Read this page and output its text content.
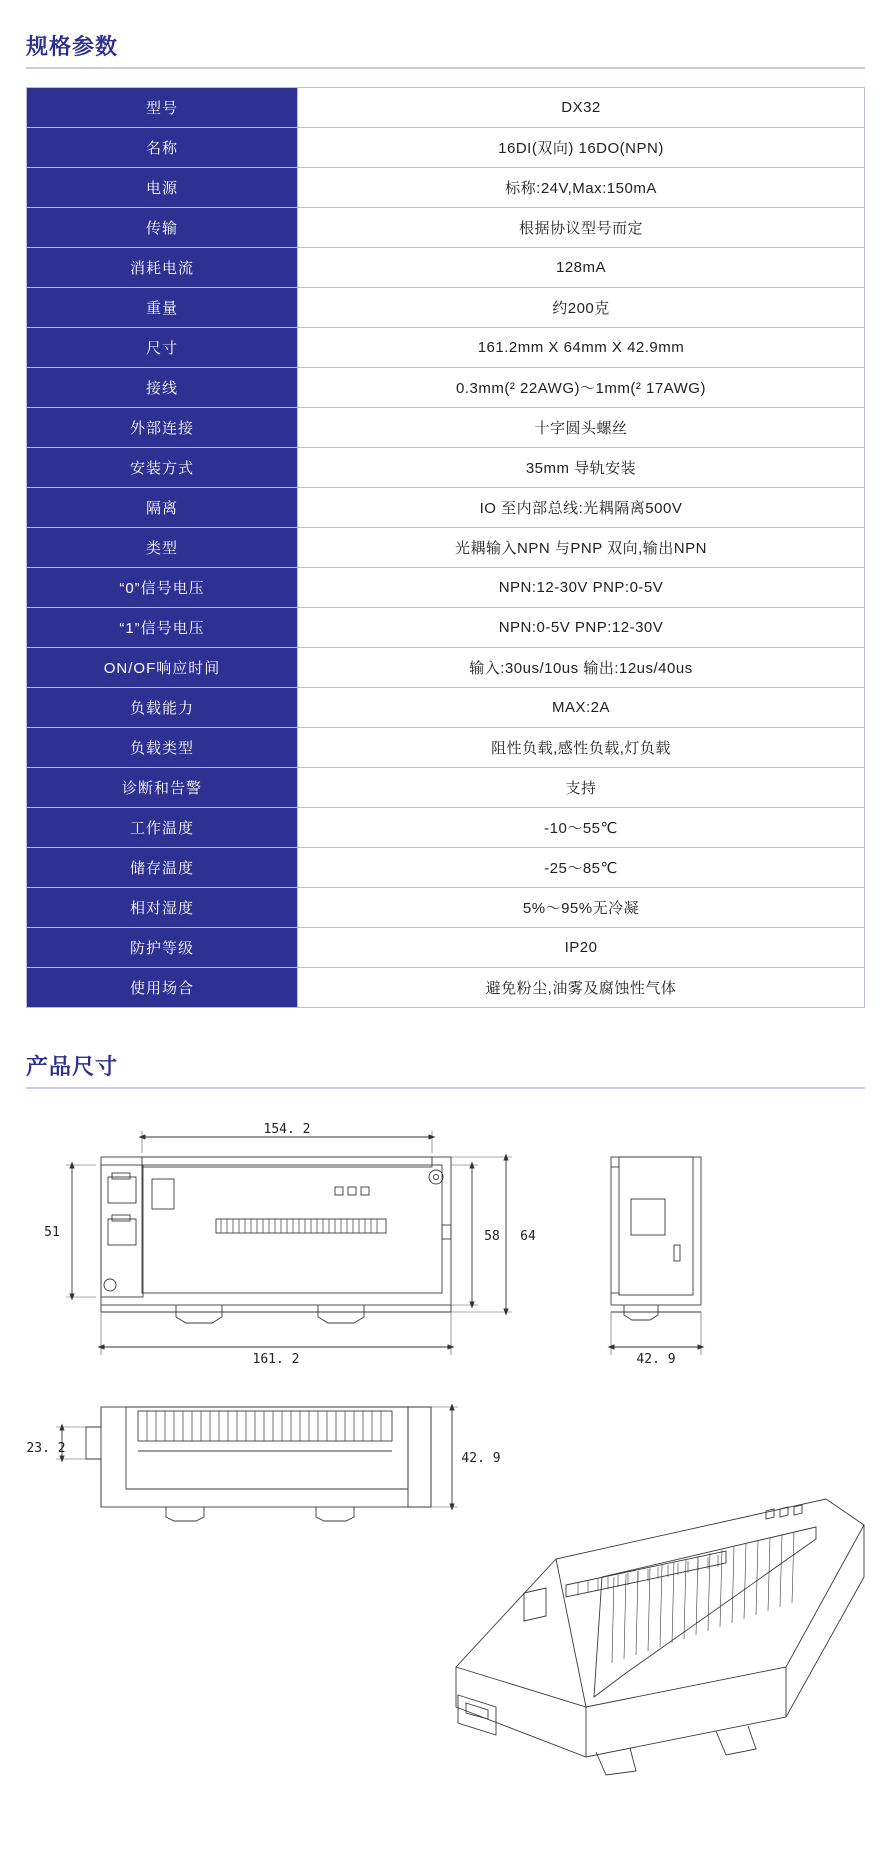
规格参数
型号	DX32
名称	16DI(双向) 16DO(NPN)
电源	标称:24V,Max:150mA
传输	根据协议型号而定
消耗电流	128mA
重量	约200克
尺寸	161.2mm X 64mm X 42.9mm
接线	0.3mm(² 22AWG)～1mm(² 17AWG)
外部连接	十字圆头螺丝
安装方式	35mm 导轨安装
隔离	IO 至内部总线:光耦隔离500V
类型	光耦输入NPN 与PNP 双向,输出NPN
“0”信号电压	NPN:12-30V PNP:0-5V
“1”信号电压	NPN:0-5V PNP:12-30V
ON/OF响应时间	输入:30us/10us 输出:12us/40us
负载能力	MAX:2A
负载类型	阻性负载,感性负载,灯负载
诊断和告警	支持
工作温度	-10～55℃
储存温度	-25～85℃
相对湿度	5%～95%无冷凝
防护等级	IP20
使用场合	避免粉尘,油雾及腐蚀性气体
产品尺寸
154. 2
161. 2
51	58 64
42. 9
42. 9
23. 2
